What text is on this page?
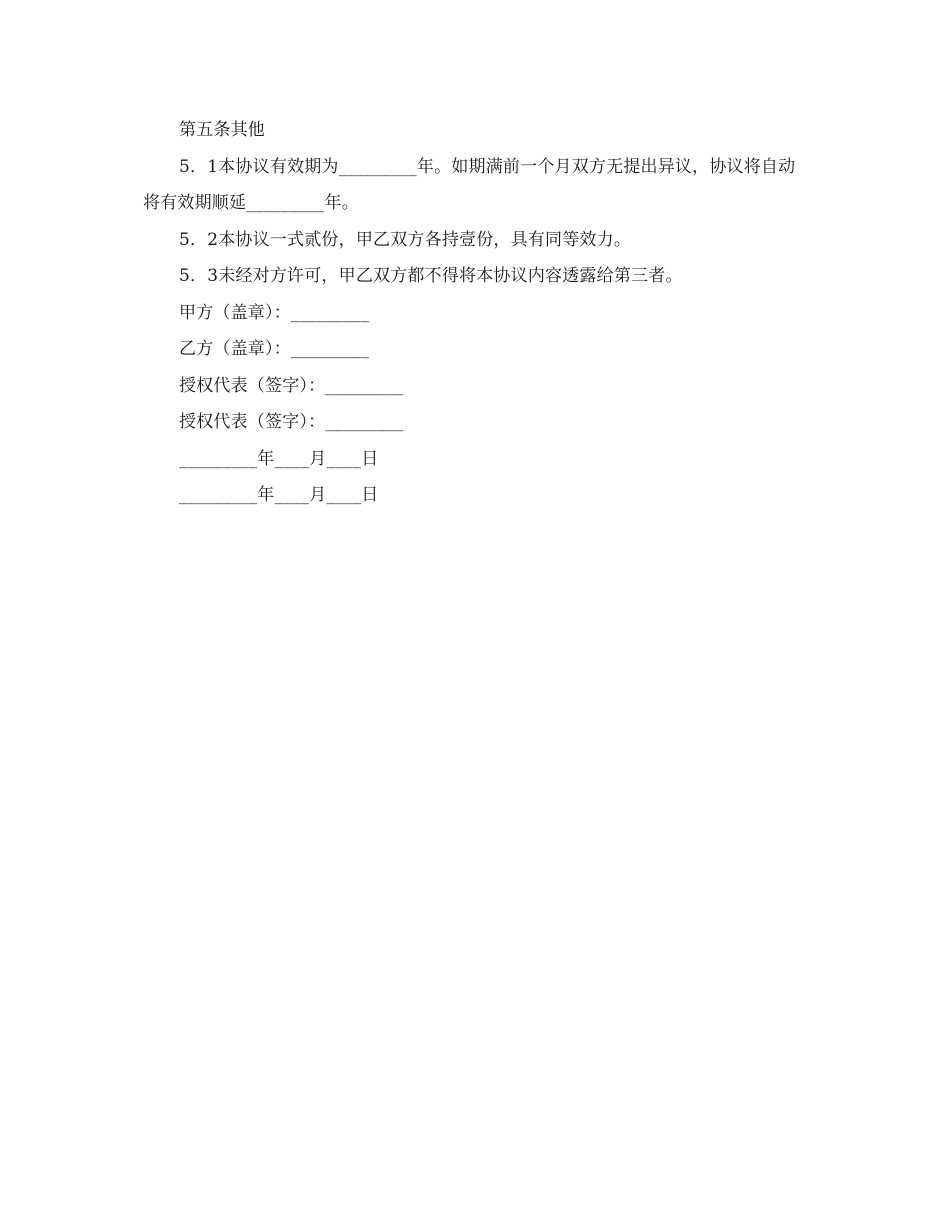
第五条其他

5．1本协议有效期为_________年。如期满前一个月双方无提出异议，协议将自动将有效期顺延_________年。

5．2本协议一式贰份，甲乙双方各持壹份，具有同等效力。

5．3未经对方许可，甲乙双方都不得将本协议内容透露给第三者。

甲方（盖章）：_________

乙方（盖章）：_________

授权代表（签字）：_________

授权代表（签字）：_________

_________年____月____日

_________年____月____日
